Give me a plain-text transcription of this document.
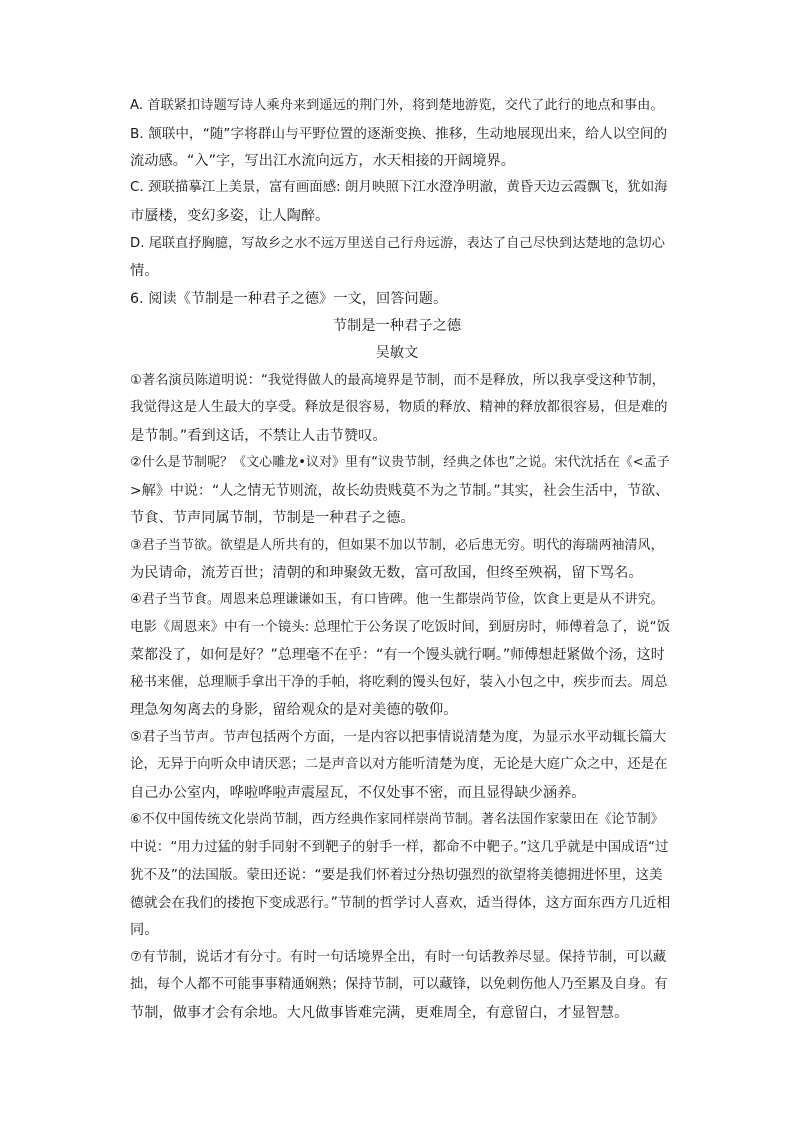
A. 首联紧扣诗题写诗人乘舟来到遥远的荆门外，将到楚地游览，交代了此行的地点和事由。
B. 颔联中，“随”字将群山与平野位置的逐渐变换、推移，生动地展现出来，给人以空间的
流动感。“入”字，写出江水流向远方，水天相接的开阔境界。
C. 颈联描摹江上美景，富有画面感: 朗月映照下江水澄净明澈，黄昏天边云霞飘飞，犹如海
市蜃楼，变幻多姿，让人陶醉。
D. 尾联直抒胸臆，写故乡之水不远万里送自己行舟远游，表达了自己尽快到达楚地的急切心
情。
6. 阅读《节制是一种君子之德》一文，回答问题。
节制是一种君子之德
吴敏文
①著名演员陈道明说：“我觉得做人的最高境界是节制，而不是释放，所以我享受这种节制，
我觉得这是人生最大的享受。释放是很容易，物质的释放、精神的释放都很容易，但是难的
是节制。”看到这话，不禁让人击节赞叹。
②什么是节制呢？《文心雕龙•议对》里有“议贵节制，经典之体也”之说。宋代沈括在《<孟子
>解》中说：“人之情无节则流，故长幼贵贱莫不为之节制。”其实，社会生活中，节欲、
节食、节声同属节制，节制是一种君子之德。
③君子当节欲。欲望是人所共有的，但如果不加以节制，必后患无穷。明代的海瑞两袖清风，
为民请命，流芳百世；清朝的和珅聚敛无数，富可敌国，但终至殃祸，留下骂名。
④君子当节食。周恩来总理谦谦如玉，有口皆碑。他一生都崇尚节俭，饮食上更是从不讲究。
电影《周恩来》中有一个镜头: 总理忙于公务误了吃饭时间，到厨房时，师傅着急了，说“饭
菜都没了，如何是好？”总理毫不在乎：“有一个馒头就行啊。”师傅想赶紧做个汤，这时
秘书来催，总理顺手拿出干净的手帕，将吃剩的馒头包好，装入小包之中，疾步而去。周总
理急匆匆离去的身影，留给观众的是对美德的敬仰。
⑤君子当节声。节声包括两个方面，一是内容以把事情说清楚为度，为显示水平动辄长篇大
论，无异于向听众申请厌恶；二是声音以对方能听清楚为度，无论是大庭广众之中，还是在
自己办公室内，哗啦哗啦声震屋瓦，不仅处事不密，而且显得缺少涵养。
⑥不仅中国传统文化崇尚节制，西方经典作家同样崇尚节制。著名法国作家蒙田在《论节制》
中说：“用力过猛的射手同射不到靶子的射手一样，都命不中靶子。”这几乎就是中国成语“过
犹不及”的法国版。蒙田还说：“要是我们怀着过分热切强烈的欲望将美德拥进怀里，这美
德就会在我们的搂抱下变成恶行。”节制的哲学讨人喜欢，适当得体，这方面东西方几近相
同。
⑦有节制，说话才有分寸。有时一句话境界全出，有时一句话教养尽显。保持节制，可以藏
拙，每个人都不可能事事精通娴熟；保持节制，可以藏锋，以免刺伤他人乃至累及自身。有
节制，做事才会有余地。大凡做事皆难完满，更难周全，有意留白，才显智慧。
